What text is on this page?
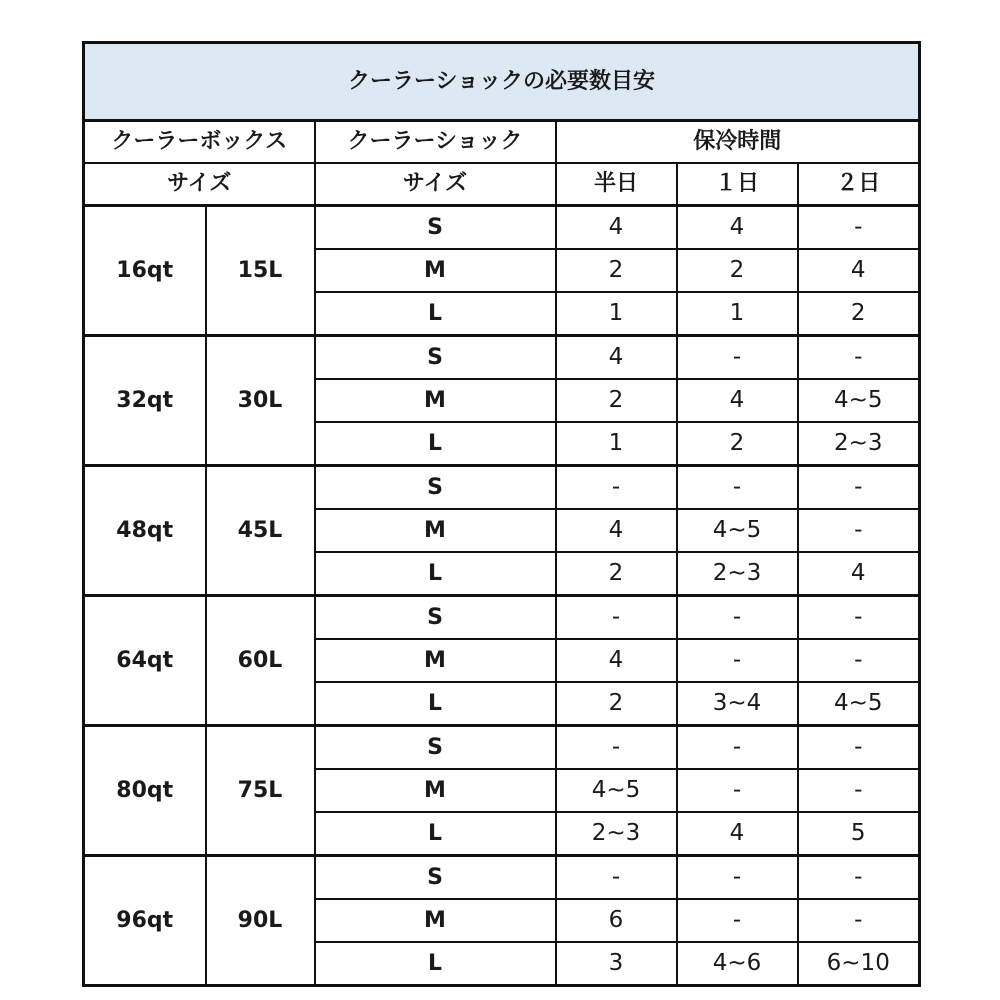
クーラーショックの必要数目安					
クーラーボックス		クーラーショック	保冷時間		
サイズ		サイズ	半日	１日	２日
16qt	15L	S	4	4	-
		M	2	2	4
		L	1	1	2
32qt	30L	S	4	-	-
		M	2	4	4~5
		L	1	2	2~3
48qt	45L	S	-	-	-
		M	4	4~5	-
		L	2	2~3	4
64qt	60L	S	-	-	-
		M	4	-	-
		L	2	3~4	4~5
80qt	75L	S	-	-	-
		M	4~5	-	-
		L	2~3	4	5
96qt	90L	S	-	-	-
		M	6	-	-
		L	3	4~6	6~10
